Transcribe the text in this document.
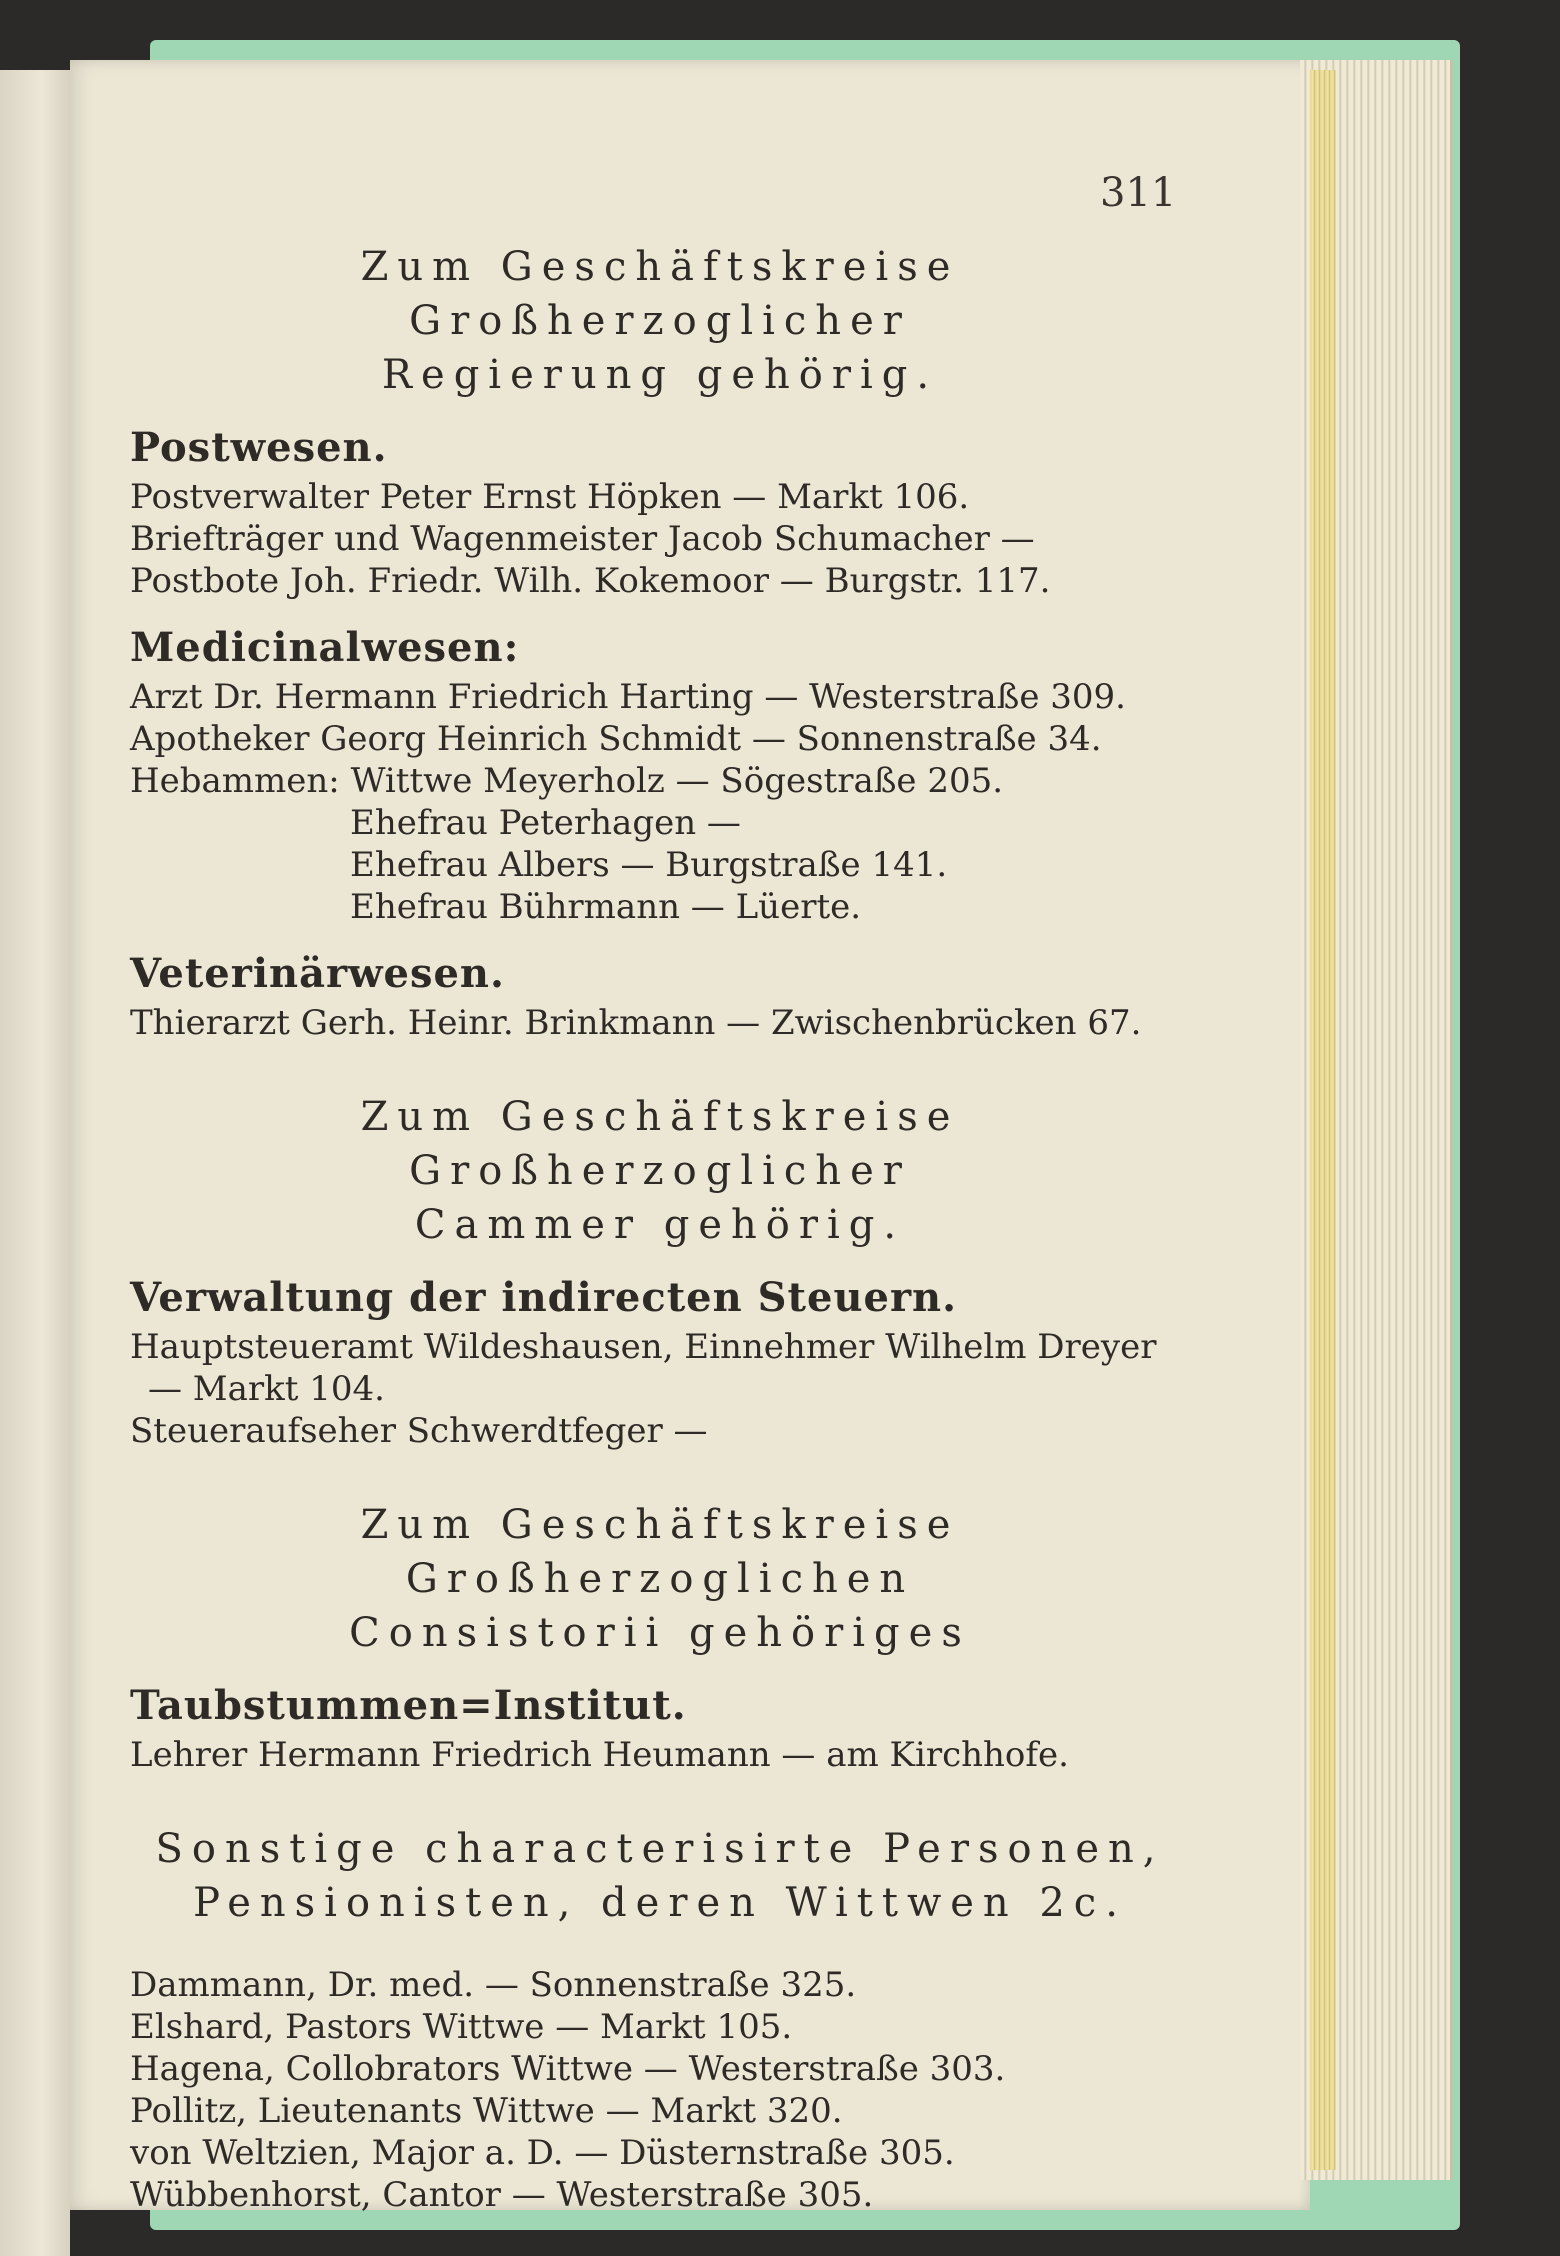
311

Zum Geschäftskreise Großherzoglicher

Regierung gehörig.

Postwesen.

Postverwalter Peter Ernst Höpken — Markt 106.

Briefträger und Wagenmeister Jacob Schumacher —

Postbote Joh. Friedr. Wilh. Kokemoor — Burgstr. 117.

Medicinalwesen:

Arzt Dr. Hermann Friedrich Harting — Westerstraße 309.

Apotheker Georg Heinrich Schmidt — Sonnenstraße 34.

Hebammen: Wittwe Meyerholz — Sögestraße 205.

Ehefrau Peterhagen —

Ehefrau Albers — Burgstraße 141.

Ehefrau Bührmann — Lüerte.

Veterinärwesen.

Thierarzt Gerh. Heinr. Brinkmann — Zwischenbrücken 67.

Zum Geschäftskreise Großherzoglicher

Cammer gehörig.

Verwaltung der indirecten Steuern.

Hauptsteueramt Wildeshausen, Einnehmer Wilhelm Dreyer

— Markt 104.

Steueraufseher Schwerdtfeger —

Zum Geschäftskreise Großherzoglichen

Consistorii gehöriges

Taubstummen=Institut.

Lehrer Hermann Friedrich Heumann — am Kirchhofe.

Sonstige characterisirte Personen,

Pensionisten, deren Wittwen 2c.

Dammann, Dr. med. — Sonnenstraße 325.

Elshard, Pastors Wittwe — Markt 105.

Hagena, Collobrators Wittwe — Westerstraße 303.

Pollitz, Lieutenants Wittwe — Markt 320.

von Weltzien, Major a. D. — Düsternstraße 305.

Wübbenhorst, Cantor — Westerstraße 305.
